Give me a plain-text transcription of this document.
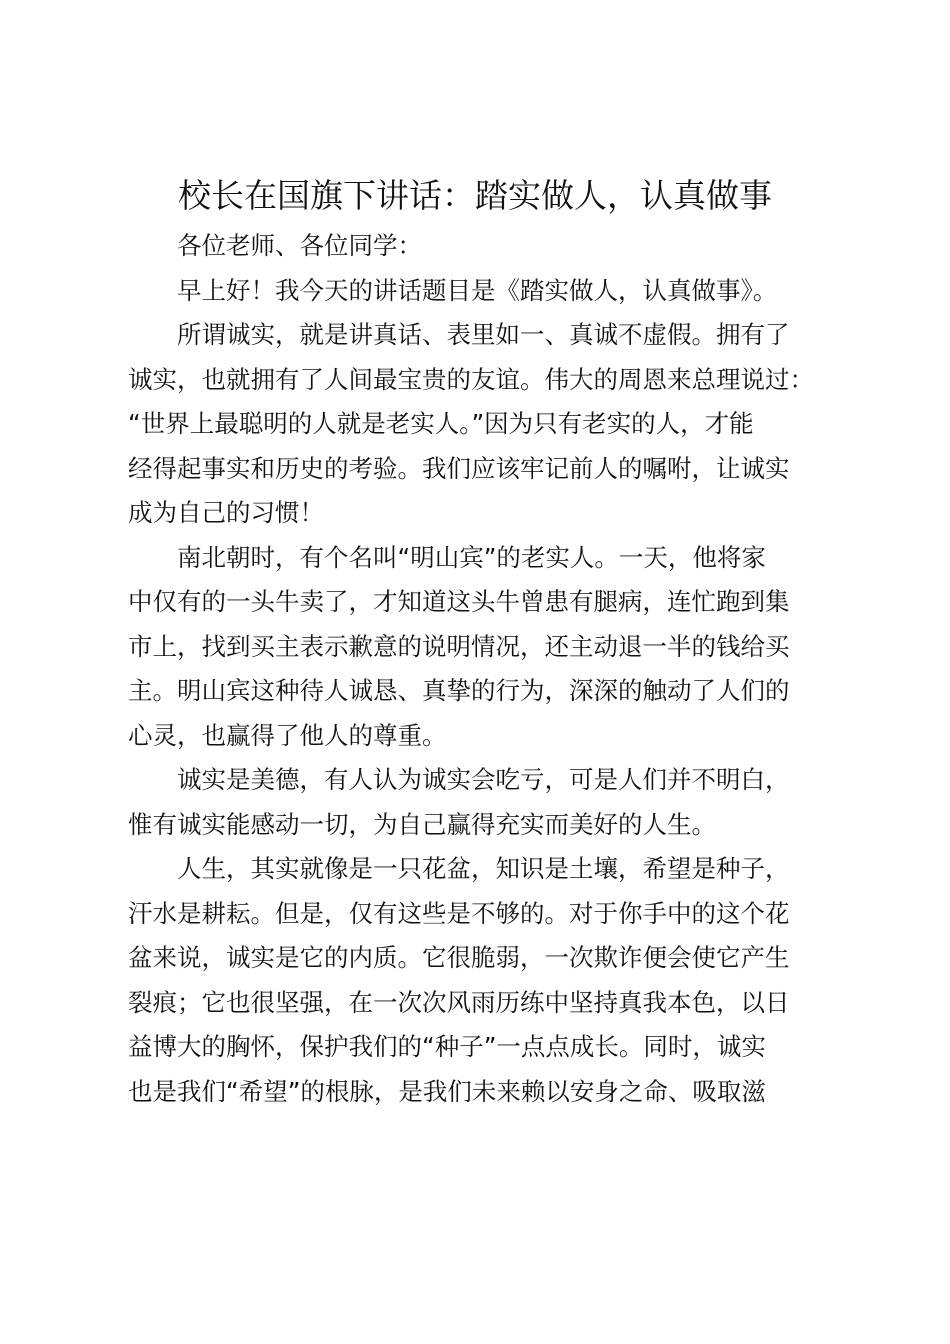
校长在国旗下讲话：踏实做人，认真做事

各位老师、各位同学：

早上好！我今天的讲话题目是《踏实做人，认真做事》。

所谓诚实，就是讲真话、表里如一、真诚不虚假。拥有了

诚实，也就拥有了人间最宝贵的友谊。伟大的周恩来总理说过：

“世界上最聪明的人就是老实人。”因为只有老实的人，才能

经得起事实和历史的考验。我们应该牢记前人的嘱咐，让诚实

成为自己的习惯！

南北朝时，有个名叫“明山宾”的老实人。一天，他将家

中仅有的一头牛卖了，才知道这头牛曾患有腿病，连忙跑到集

市上，找到买主表示歉意的说明情况，还主动退一半的钱给买

主。明山宾这种待人诚恳、真挚的行为，深深的触动了人们的

心灵，也赢得了他人的尊重。

诚实是美德，有人认为诚实会吃亏，可是人们并不明白，

惟有诚实能感动一切，为自己赢得充实而美好的人生。

人生，其实就像是一只花盆，知识是土壤，希望是种子，

汗水是耕耘。但是，仅有这些是不够的。对于你手中的这个花

盆来说，诚实是它的内质。它很脆弱，一次欺诈便会使它产生

裂痕；它也很坚强，在一次次风雨历练中坚持真我本色，以日

益博大的胸怀，保护我们的“种子”一点点成长。同时，诚实

也是我们“希望”的根脉，是我们未来赖以安身之命、吸取滋
